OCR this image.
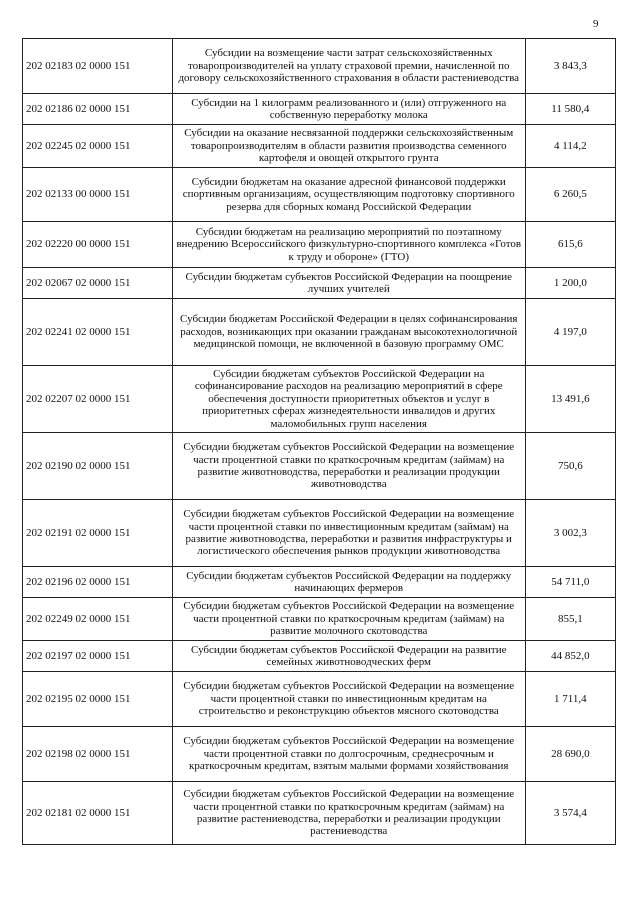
9
202 02183 02 0000 151	Субсидии на возмещение части затрат сельскохозяйственных товаропроизводителей на уплату страховой премии, начисленной по договору сельскохозяйственного страхования в области растениеводства	3 843,3
202 02186 02 0000 151	Субсидии на 1 килограмм реализованного и (или) отгруженного на собственную переработку молока	11 580,4
202 02245 02 0000 151	Субсидии на оказание несвязанной поддержки сельскохозяйственным товаропроизводителям в области развития производства семенного картофеля и овощей открытого грунта	4 114,2
202 02133 00 0000 151	Субсидии бюджетам на оказание адресной финансовой поддержки спортивным организациям, осуществляющим подготовку спортивного резерва для сборных команд Российской Федерации	6 260,5
202 02220 00 0000 151	Субсидии бюджетам на реализацию мероприятий по поэтапному внедрению Всероссийского физкультурно-спортивного комплекса «Готов к труду и обороне» (ГТО)	615,6
202 02067 02 0000 151	Субсидии бюджетам субъектов Российской Федерации на поощрение лучших учителей	1 200,0
202 02241 02 0000 151	Субсидии бюджетам Российской Федерации в целях софинансирования расходов, возникающих при оказании гражданам высокотехнологичной медицинской помощи, не включенной в базовую программу ОМС	4 197,0
202 02207 02 0000 151	Субсидии бюджетам субъектов Российской Федерации на софинансирование расходов на реализацию мероприятий в сфере обеспечения доступности приоритетных объектов и услуг в приоритетных сферах жизнедеятельности инвалидов и других маломобильных групп населения	13 491,6
202 02190 02 0000 151	Субсидии бюджетам субъектов Российской Федерации на возмещение части процентной ставки по краткосрочным кредитам (займам) на развитие животноводства, переработки и реализации продукции животноводства	750,6
202 02191 02 0000 151	Субсидии бюджетам субъектов Российской Федерации на возмещение части процентной ставки по инвестиционным кредитам (займам) на развитие животноводства, переработки и развития инфраструктуры и логистического обеспечения рынков продукции животноводства	3 002,3
202 02196 02 0000 151	Субсидии бюджетам субъектов Российской Федерации на поддержку начинающих фермеров	54 711,0
202 02249 02 0000 151	Субсидии бюджетам субъектов Российской Федерации на возмещение части процентной ставки по краткосрочным кредитам (займам) на развитие молочного скотоводства	855,1
202 02197 02 0000 151	Субсидии бюджетам субъектов Российской Федерации на развитие семейных животноводческих ферм	44 852,0
202 02195 02 0000 151	Субсидии бюджетам субъектов Российской Федерации на возмещение части процентной ставки по инвестиционным кредитам на строительство и реконструкцию объектов мясного скотоводства	1 711,4
202 02198 02 0000 151	Субсидии бюджетам субъектов Российской Федерации на возмещение части процентной ставки по долгосрочным, среднесрочным и краткосрочным кредитам, взятым малыми формами хозяйствования	28 690,0
202 02181 02 0000 151	Субсидии бюджетам субъектов Российской Федерации на возмещение части процентной ставки по краткосрочным кредитам (займам) на развитие растениеводства, переработки и реализации продукции растениеводства	3 574,4
